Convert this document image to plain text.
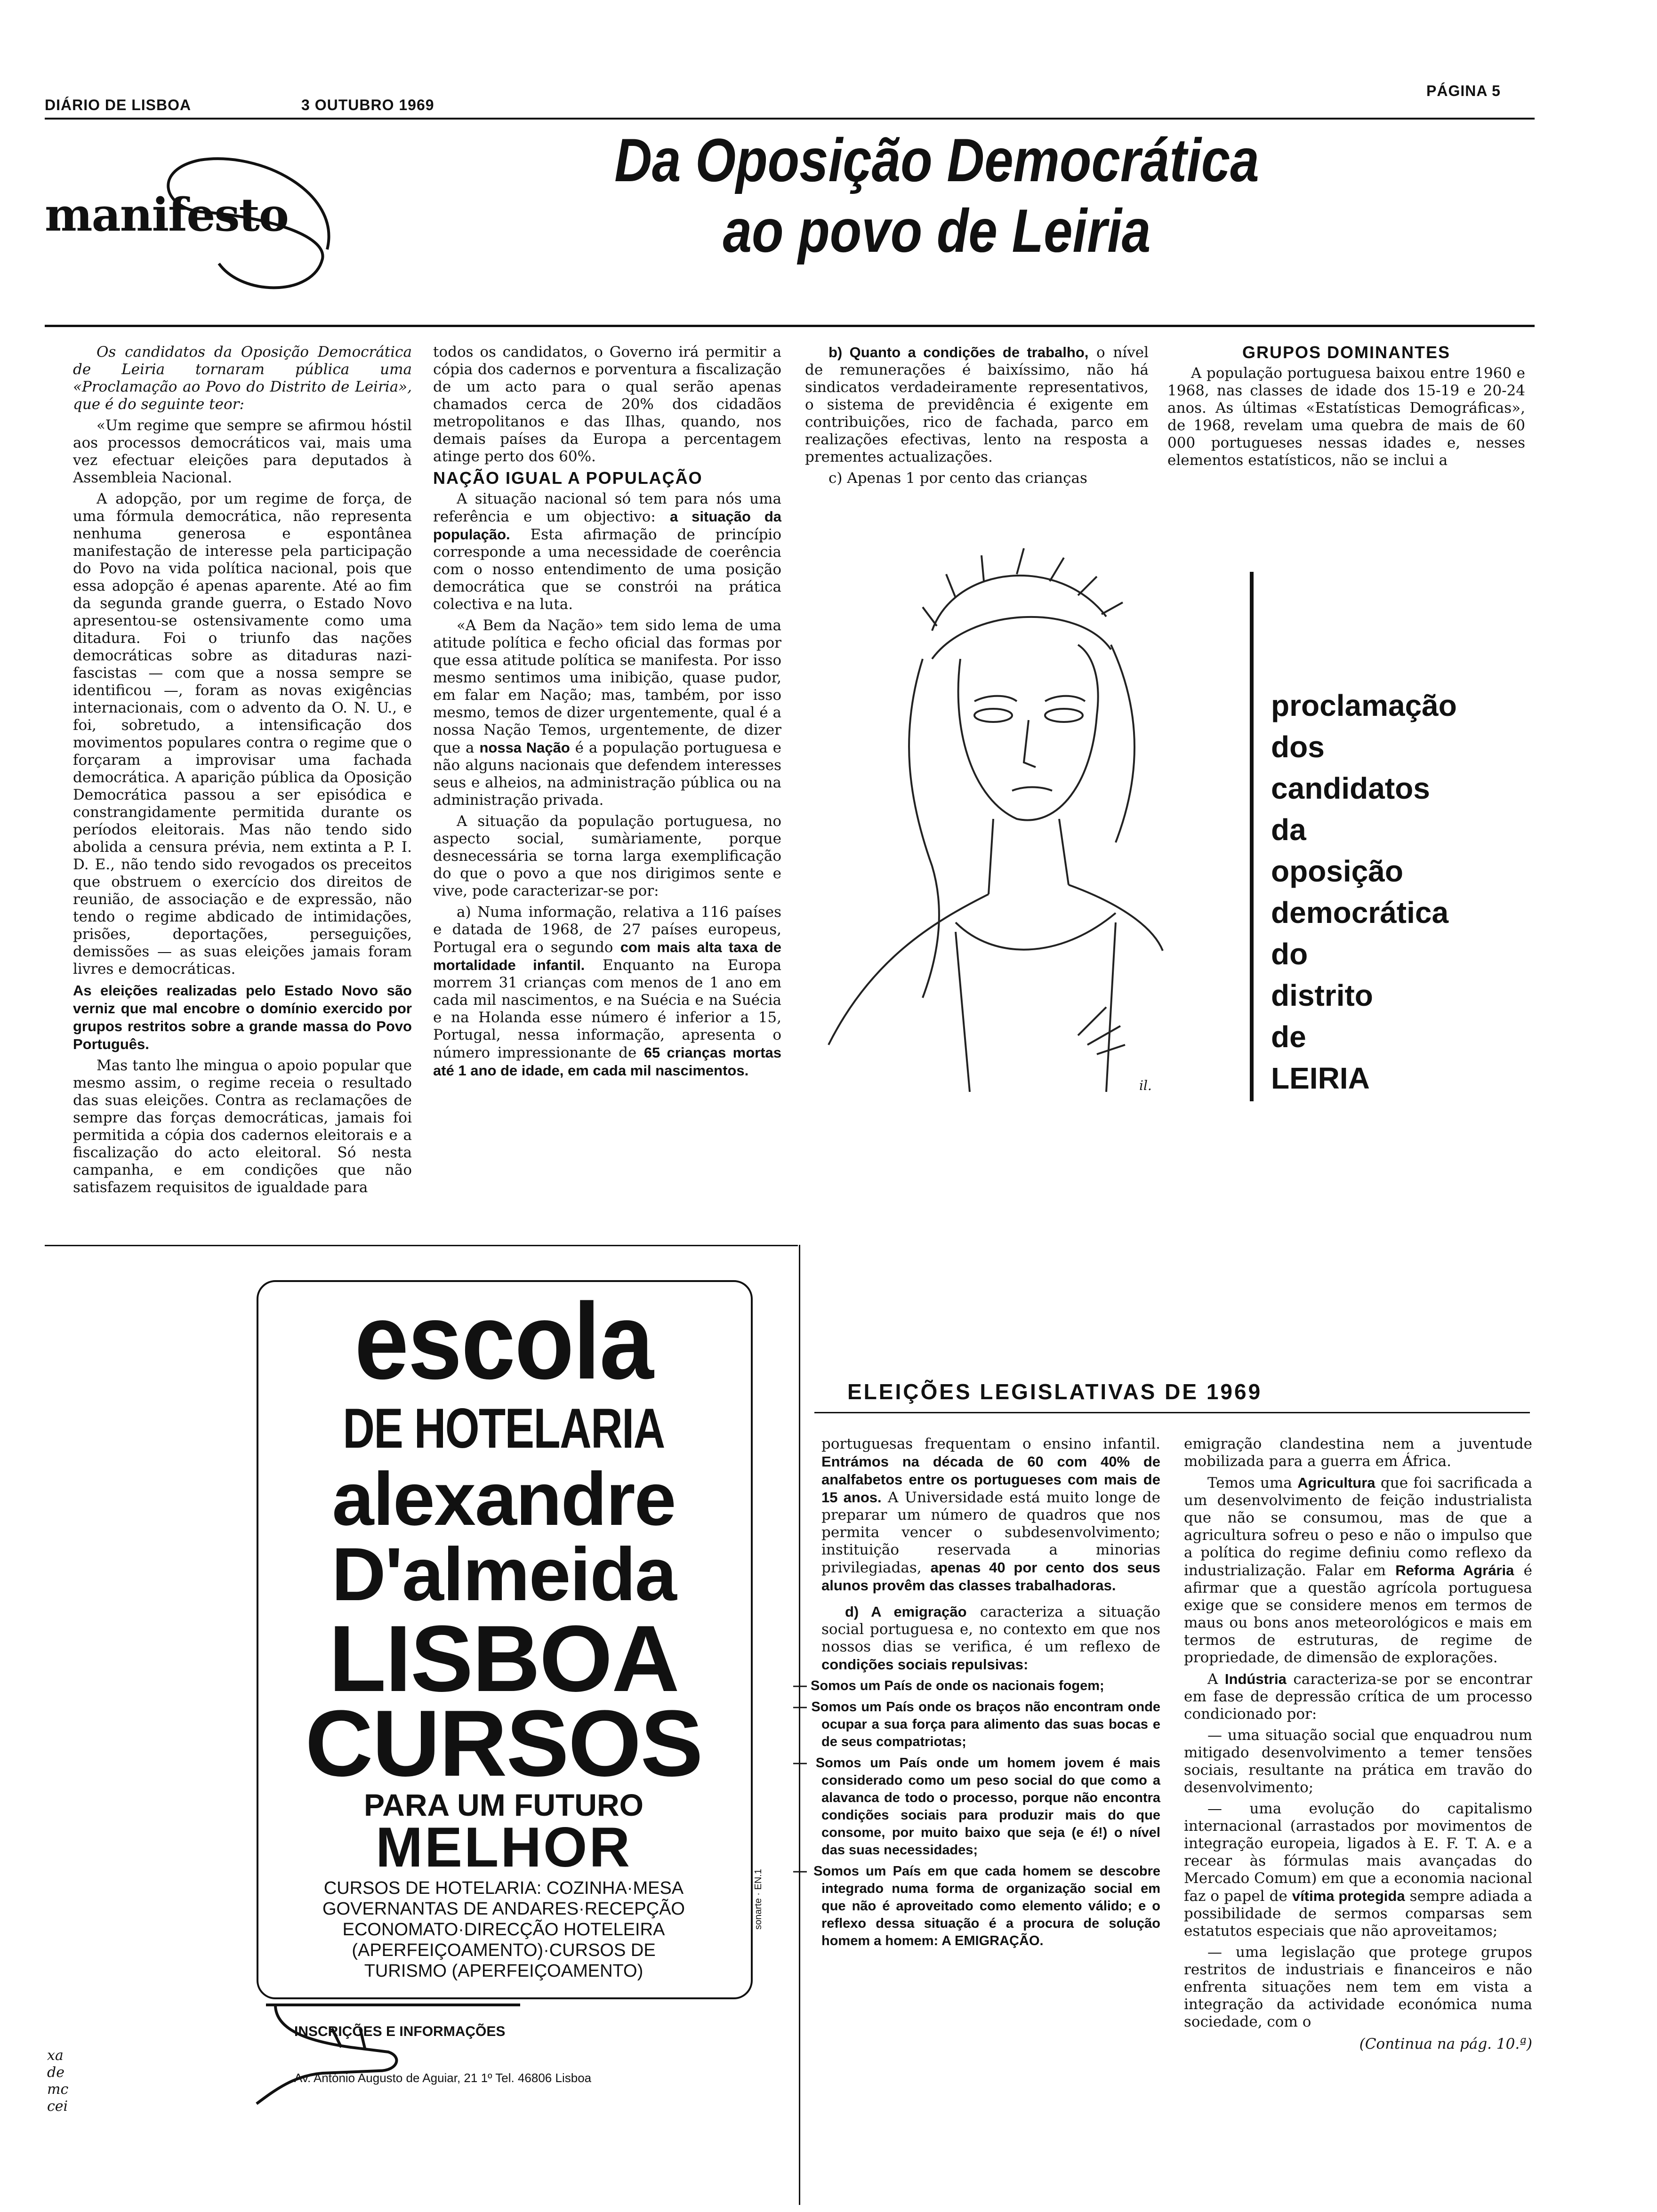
DIÁRIO DE LISBOA	3 OUTUBRO 1969
PÁGINA 5
manifesto
Da Oposição Democrática
ao povo de Leiria

Os candidatos da Oposição Democrática de Leiria tornaram pública uma «Proclamação ao Povo do Distrito de Leiria», que é do seguinte teor:

«Um regime que sempre se afirmou hóstil aos processos democráticos vai, mais uma vez efectuar eleições para deputados à Assembleia Nacional.

A adopção, por um regime de força, de uma fórmula democrática, não representa nenhuma generosa e espontânea manifestação de interesse pela participação do Povo na vida política nacional, pois que essa adopção é apenas aparente. Até ao fim da segunda grande guerra, o Estado Novo apresentou-se ostensivamente como uma ditadura. Foi o triunfo das nações democráticas sobre as ditaduras nazi-fascistas — com que a nossa sempre se identificou —, foram as novas exigências internacionais, com o advento da O. N. U., e foi, sobretudo, a intensificação dos movimentos populares contra o regime que o forçaram a improvisar uma fachada democrática. A aparição pública da Oposição Democrática passou a ser episódica e constrangidamente permitida durante os períodos eleitorais. Mas não tendo sido abolida a censura prévia, nem extinta a P. I. D. E., não tendo sido revogados os preceitos que obstruem o exercício dos direitos de reunião, de associação e de expressão, não tendo o regime abdicado de intimidações, prisões, deportações, perseguições, demissões — as suas eleições jamais foram livres e democráticas.

As eleições realizadas pelo Estado Novo são verniz que mal encobre o domínio exercido por grupos restritos sobre a grande massa do Povo Português.

Mas tanto lhe mingua o apoio popular que mesmo assim, o regime receia o resultado das suas eleições. Contra as reclamações de sempre das forças democráticas, jamais foi permitida a cópia dos cadernos eleitorais e a fiscalização do acto eleitoral. Só nesta campanha, e em condições que não satisfazem requisitos de igualdade para

todos os candidatos, o Governo irá permitir a cópia dos cadernos e porventura a fiscalização de um acto para o qual serão apenas chamados cerca de 20% dos cidadãos metropolitanos e das Ilhas, quando, nos demais países da Europa a percentagem atinge perto dos 60%.

NAÇÃO IGUAL A POPULAÇÃO

A situação nacional só tem para nós uma referência e um objectivo: a situação da população. Esta afirmação de princípio corresponde a uma necessidade de coerência com o nosso entendimento de uma posição democrática que se constrói na prática colectiva e na luta.

«A Bem da Nação» tem sido lema de uma atitude política e fecho oficial das formas por que essa atitude política se manifesta. Por isso mesmo sentimos uma inibição, quase pudor, em falar em Nação; mas, também, por isso mesmo, temos de dizer urgentemente, qual é a nossa Nação Temos, urgentemente, de dizer que a nossa Nação é a população portuguesa e não alguns nacionais que defendem interesses seus e alheios, na administração pública ou na administração privada.

A situação da população portuguesa, no aspecto social, sumàriamente, porque desnecessária se torna larga exemplificação do que o povo a que nos dirigimos sente e vive, pode caracterizar-se por:

a) Numa informação, relativa a 116 países e datada de 1968, de 27 países europeus, Portugal era o segundo com mais alta taxa de mortalidade infantil. Enquanto na Europa morrem 31 crianças com menos de 1 ano em cada mil nascimentos, e na Suécia e na Suécia e na Holanda esse número é inferior a 15, Portugal, nessa informação, apresenta o número impressionante de 65 crianças mortas até 1 ano de idade, em cada mil nascimentos.

b) Quanto a condições de trabalho, o nível de remunerações é baixíssimo, não há sindicatos verdadeiramente representativos, o sistema de previdência é exigente em contribuições, rico de fachada, parco em realizações efectivas, lento na resposta a prementes actualizações.

c) Apenas 1 por cento das crianças

GRUPOS DOMINANTES

A população portuguesa baixou entre 1960 e 1968, nas classes de idade dos 15-19 e 20-24 anos. As últimas «Estatísticas Demográficas», de 1968, revelam uma quebra de mais de 60 000 portugueses nessas idades e, nesses elementos estatísticos, não se inclui a

il.
proclamação
dos
candidatos
da
oposição
democrática
do
distrito
de
LEIRIA
escola
DE HOTELARIA
alexandre
D'almeida
LISBOA
CURSOS
PARA UM FUTURO
MELHOR
CURSOS DE HOTELARIA: COZINHA·MESA
GOVERNANTAS DE ANDARES·RECEPÇÃO
ECONOMATO·DIRECÇÃO HOTELEIRA
(APERFEIÇOAMENTO)·CURSOS DE
TURISMO (APERFEIÇOAMENTO)
INSCRIÇÕES E INFORMAÇÕES
Av. António Augusto de Aguiar, 21 1º Tel. 46806 Lisboa
sonarte · EN.1
xa de mc cei
ELEIÇÕES LEGISLATIVAS DE 1969

portuguesas frequentam o ensino infantil. Entrámos na década de 60 com 40% de analfabetos entre os portugueses com mais de 15 anos. A Universidade está muito longe de preparar um número de quadros que nos permita vencer o subdesenvolvimento; instituição reservada a minorias privilegiadas, apenas 40 por cento dos seus alunos provêm das classes trabalhadoras.

d) A emigração caracteriza a situação social portuguesa e, no contexto em que nos nossos dias se verifica, é um reflexo de condições sociais repulsivas:

— Somos um País de onde os nacionais fogem;

— Somos um País onde os braços não encontram onde ocupar a sua força para alimento das suas bocas e de seus compatriotas;

— Somos um País onde um homem jovem é mais considerado como um peso social do que como a alavanca de todo o processo, porque não encontra condições sociais para produzir mais do que consome, por muito baixo que seja (e é!) o nível das suas necessidades;

— Somos um País em que cada homem se descobre integrado numa forma de organização social em que não é aproveitado como elemento válido; e o reflexo dessa situação é a procura de solução homem a homem: A EMIGRAÇÃO.

emigração clandestina nem a juventude mobilizada para a guerra em África.

Temos uma Agricultura que foi sacrificada a um desenvolvimento de feição industrialista que não se consumou, mas de que a agricultura sofreu o peso e não o impulso que a política do regime definiu como reflexo da industrialização. Falar em Reforma Agrária é afirmar que a questão agrícola portuguesa exige que se considere menos em termos de maus ou bons anos meteorológicos e mais em termos de estruturas, de regime de propriedade, de dimensão de explorações.

A Indústria caracteriza-se por se encontrar em fase de depressão crítica de um processo condicionado por:

— uma situação social que enquadrou num mitigado desenvolvimento a temer tensões sociais, resultante na prática em travão do desenvolvimento;

— uma evolução do capitalismo internacional (arrastados por movimentos de integração europeia, ligados à E. F. T. A. e a recear às fórmulas mais avançadas do Mercado Comum) em que a economia nacional faz o papel de vítima protegida sempre adiada a possibilidade de sermos comparsas sem estatutos especiais que não aproveitamos;

— uma legislação que protege grupos restritos de industriais e financeiros e não enfrenta situações nem tem em vista a integração da actividade económica numa sociedade, com o

(Continua na pág. 10.ª)
